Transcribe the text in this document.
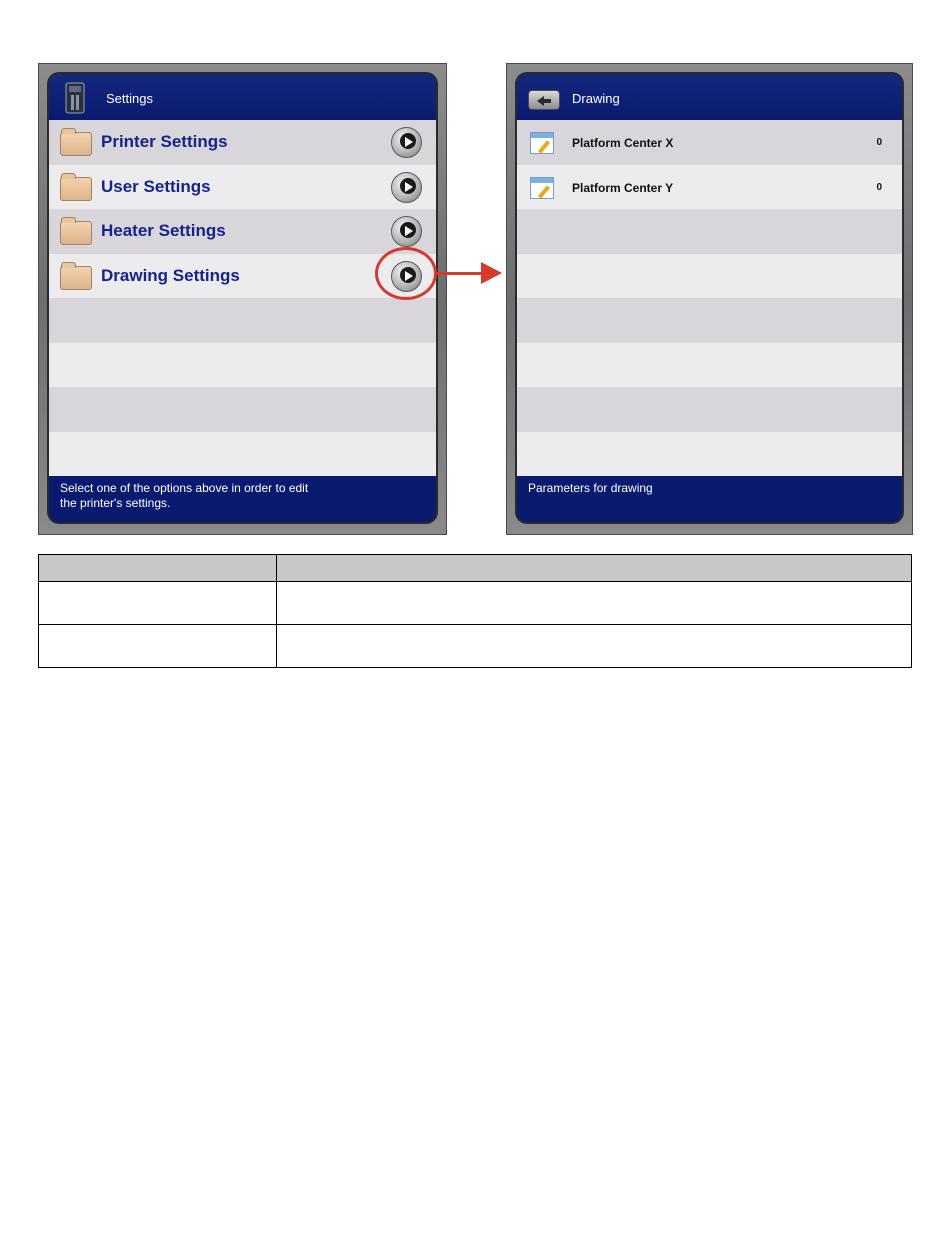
Settings
Printer Settings
User Settings
Heater Settings
Drawing Settings
Select one of the options above in order to edit
the printer's settings.
Drawing
Platform Center X	0
Platform Center Y	0
Parameters for drawing
